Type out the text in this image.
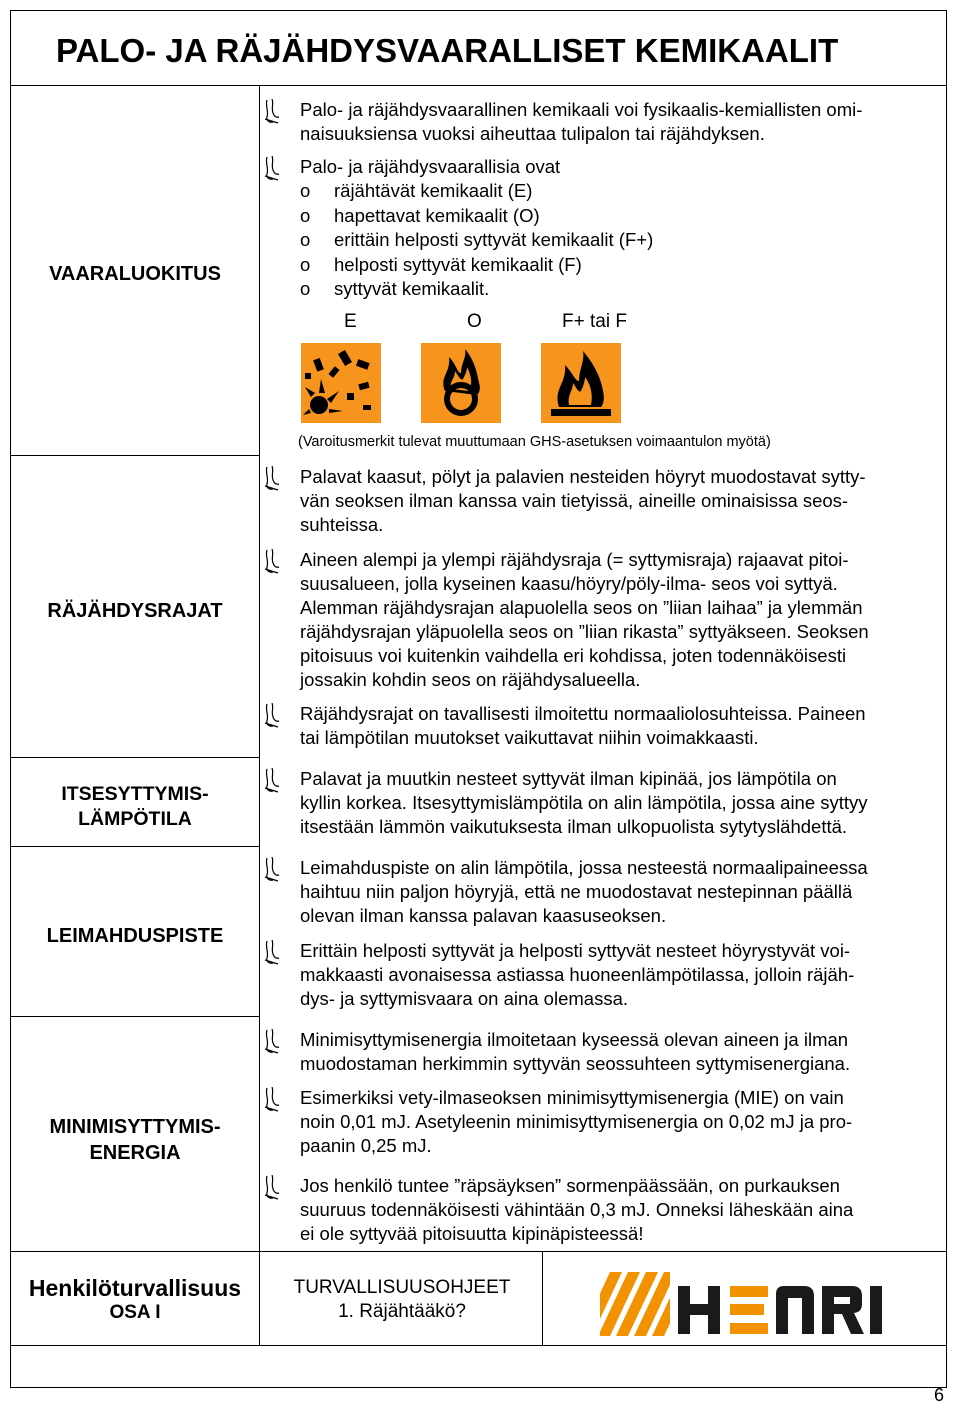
PALO- JA RÄJÄHDYSVAARALLISET KEMIKAALIT
VAARALUOKITUS
Palo- ja räjähdysvaarallinen kemikaali voi fysikaalis-kemiallisten omi-
naisuuksiensa vuoksi aiheuttaa tulipalon tai räjähdyksen.
Palo- ja räjähdysvaarallisia ovat
o räjähtävät kemikaalit (E)
o hapettavat kemikaalit (O)
o erittäin helposti syttyvät kemikaalit (F+)
o helposti syttyvät kemikaalit (F)
o syttyvät kemikaalit.
E	O	F+ tai F
(Varoitusmerkit tulevat muuttumaan GHS-asetuksen voimaantulon myötä)
RÄJÄHDYSRAJAT
Palavat kaasut, pölyt ja palavien nesteiden höyryt muodostavat sytty-
vän seoksen ilman kanssa vain tietyissä, aineille ominaisissa seos-
suhteissa.
Aineen alempi ja ylempi räjähdysraja (= syttymisraja) rajaavat pitoi-
suusalueen, jolla kyseinen kaasu/höyry/pöly-ilma- seos voi syttyä.
Alemman räjähdysrajan alapuolella seos on ”liian laihaa” ja ylemmän
räjähdysrajan yläpuolella seos on ”liian rikasta” syttyäkseen. Seoksen
pitoisuus voi kuitenkin vaihdella eri kohdissa, joten todennäköisesti
jossakin kohdin seos on räjähdysalueella.
Räjähdysrajat on tavallisesti ilmoitettu normaaliolosuhteissa. Paineen
tai lämpötilan muutokset vaikuttavat niihin voimakkaasti.
ITSESYTTYMIS-
LÄMPÖTILA
Palavat ja muutkin nesteet syttyvät ilman kipinää, jos lämpötila on
kyllin korkea. Itsesyttymislämpötila on alin lämpötila, jossa aine syttyy
itsestään lämmön vaikutuksesta ilman ulkopuolista sytytyslähdettä.
LEIMAHDUSPISTE
Leimahduspiste on alin lämpötila, jossa nesteestä normaalipaineessa
haihtuu niin paljon höyryjä, että ne muodostavat nestepinnan päällä
olevan ilman kanssa palavan kaasuseoksen.
Erittäin helposti syttyvät ja helposti syttyvät nesteet höyrystyvät voi-
makkaasti avonaisessa astiassa huoneenlämpötilassa, jolloin räjäh-
dys- ja syttymisvaara on aina olemassa.
MINIMISYTTYMIS-
ENERGIA
Minimisyttymisenergia ilmoitetaan kyseessä olevan aineen ja ilman
muodostaman herkimmin syttyvän seossuhteen syttymisenergiana.
Esimerkiksi vety-ilmaseoksen minimisyttymisenergia (MIE) on vain
noin 0,01 mJ. Asetyleenin minimisyttymisenergia on 0,02 mJ ja pro-
paanin 0,25 mJ.
Jos henkilö tuntee ”räpsäyksen” sormenpäässään, on purkauksen
suuruus todennäköisesti vähintään 0,3 mJ. Onneksi läheskään aina
ei ole syttyvää pitoisuutta kipinäpisteessä!
Henkilöturvallisuus
OSA I
TURVALLISUUSOHJEET
1. Räjähtääkö?
HENRI
6
